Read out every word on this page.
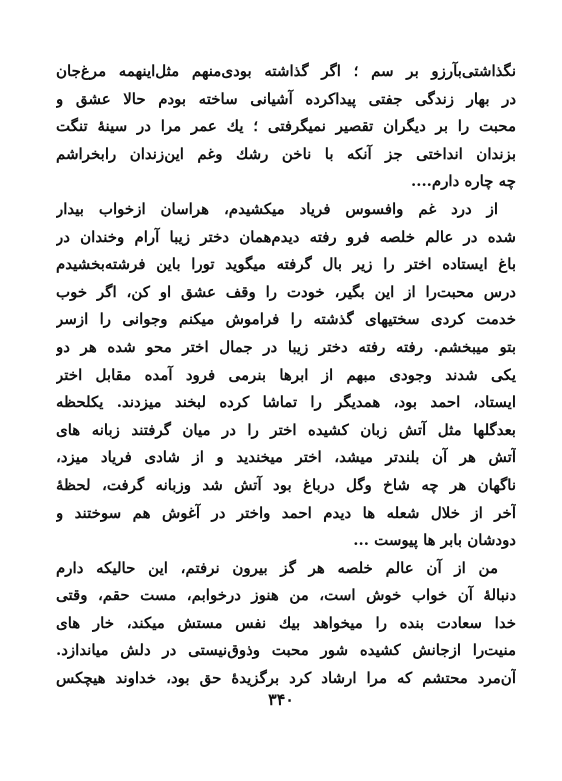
نگذاشتی‌بآرزو بر سم ؛ اگر گذاشته بودی‌منهم مثل‌اینهمه مرغ‌جان
در بهار زندگی جفتی پیداکرده آشیانی ساخته بودم حالا عشق و
محبت را بر دیگران تقصیر نمیگرفتی ؛ یك عمر مرا در سینهٔ تنگت
بزندان انداختی جز آنکه با ناخن رشك وغم این‌زندان رابخراشم
چه چاره دارم....
از درد غم وافسوس فریاد میکشیدم، هراسان ازخواب بیدار
شده در عالم خلصه فرو رفته دیدم‌همان دختر زیبا آرام وخندان در
باغ ایستاده اختر را زیر بال گرفته میگوید تورا باین فرشته‌بخشیدم
درس محبت‌را از این بگیر، خودت را وقف عشق او کن، اگر خوب
خدمت کردی سختیهای گذشته را فراموش میکنم وجوانی را ازسر
بتو میبخشم. رفته رفته دختر زیبا در جمال اختر محو شده هر دو
یکی شدند وجودی مبهم از ابرها بنرمی فرود آمده مقابل اختر
ایستاد، احمد بود، همدیگر را تماشا کرده لبخند میزدند. یکلحظه
بعدگلها مثل آتش زبان کشیده اختر را در میان گرفتند زبانه های
آتش هر آن بلندتر میشد، اختر میخندید و از شادی فریاد میزد،
ناگهان هر چه شاخ وگل درباغ بود آتش شد وزبانه گرفت، لحظهٔ
آخر از خلال شعله ها دیدم احمد واختر در آغوش هم سوختند و
دودشان بابر ها پیوست ...
من از آن عالم خلصه هر گز بیرون نرفتم، این حالیکه دارم
دنبالهٔ آن خواب خوش است، من هنوز درخوابم، مست حقم، وقتی
خدا سعادت بنده را میخواهد بیك نفس مستش میکند، خار های
منیت‌را ازجانش کشیده شور محبت وذوق‌نیستی در دلش میاندازد.
آن‌مرد محتشم که مرا ارشاد کرد برگزیدهٔ حق بود، خداوند هیچکس
۳۴۰
